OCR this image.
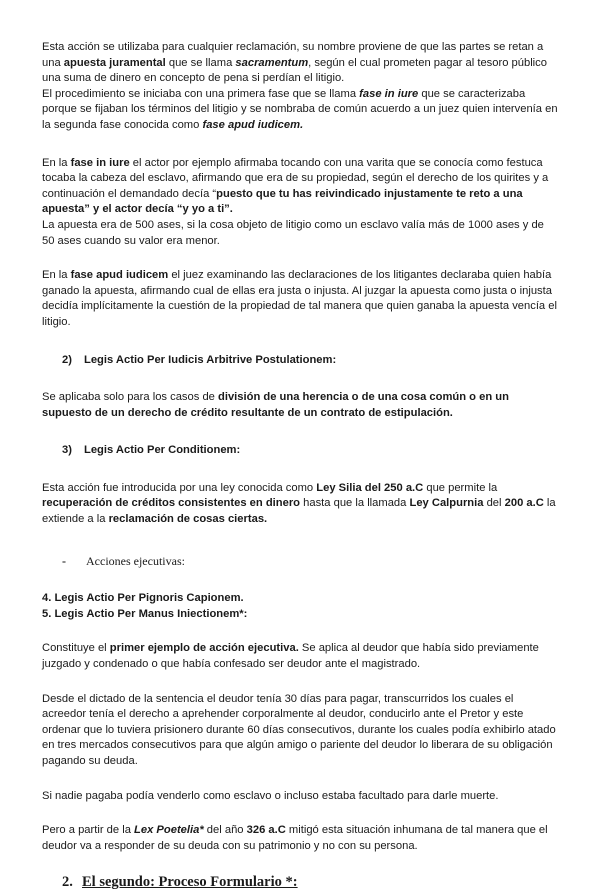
Esta acción se utilizaba para cualquier reclamación, su nombre proviene de que las partes se retan a una apuesta juramental que se llama sacramentum, según el cual prometen pagar al tesoro público una suma de dinero en concepto de pena si perdían el litigio.

El procedimiento se iniciaba con una primera fase que se llama fase in iure que se caracterizaba porque se fijaban los términos del litigio y se nombraba de común acuerdo a un juez quien intervenía en la segunda fase conocida como fase apud iudicem.

En la fase in iure el actor por ejemplo afirmaba tocando con una varita que se conocía como festuca tocaba la cabeza del esclavo, afirmando que era de su propiedad, según el derecho de los quirites y a continuación el demandado decía “puesto que tu has reivindicado injustamente te reto a una apuesta” y el actor decía “y yo a ti”.

La apuesta era de 500 ases, si la cosa objeto de litigio como un esclavo valía más de 1000 ases y de 50 ases cuando su valor era menor.

En la fase apud iudicem el juez examinando las declaraciones de los litigantes declaraba quien había ganado la apuesta, afirmando cual de ellas era justa o injusta. Al juzgar la apuesta como justa o injusta decidía implícitamente la cuestión de la propiedad de tal manera que quien ganaba la apuesta vencía el litigio.

2) Legis Actio Per Iudicis Arbitrive Postulationem:

Se aplicaba solo para los casos de división de una herencia o de una cosa común o en un supuesto de un derecho de crédito resultante de un contrato de estipulación.

3) Legis Actio Per Conditionem:

Esta acción fue introducida por una ley conocida como Ley Silia del 250 a.C que permite la recuperación de créditos consistentes en dinero hasta que la llamada Ley Calpurnia del 200 a.C la extiende a la reclamación de cosas ciertas.

- Acciones ejecutivas:

4. Legis Actio Per Pignoris Capionem.

5. Legis Actio Per Manus Iniectionem*:

Constituye el primer ejemplo de acción ejecutiva. Se aplica al deudor que había sido previamente juzgado y condenado o que había confesado ser deudor ante el magistrado.

Desde el dictado de la sentencia el deudor tenía 30 días para pagar, transcurridos los cuales el acreedor tenía el derecho a aprehender corporalmente al deudor, conducirlo ante el Pretor y este ordenar que lo tuviera prisionero durante 60 días consecutivos, durante los cuales podía exhibirlo atado en tres mercados consecutivos para que algún amigo o pariente del deudor lo liberara de su obligación pagando su deuda.

Si nadie pagaba podía venderlo como esclavo o incluso estaba facultado para darle muerte.

Pero a partir de la Lex Poetelia* del año 326 a.C mitigó esta situación inhumana de tal manera que el deudor va a responder de su deuda con su patrimonio y no con su persona.

2. El segundo: Proceso Formulario *:
